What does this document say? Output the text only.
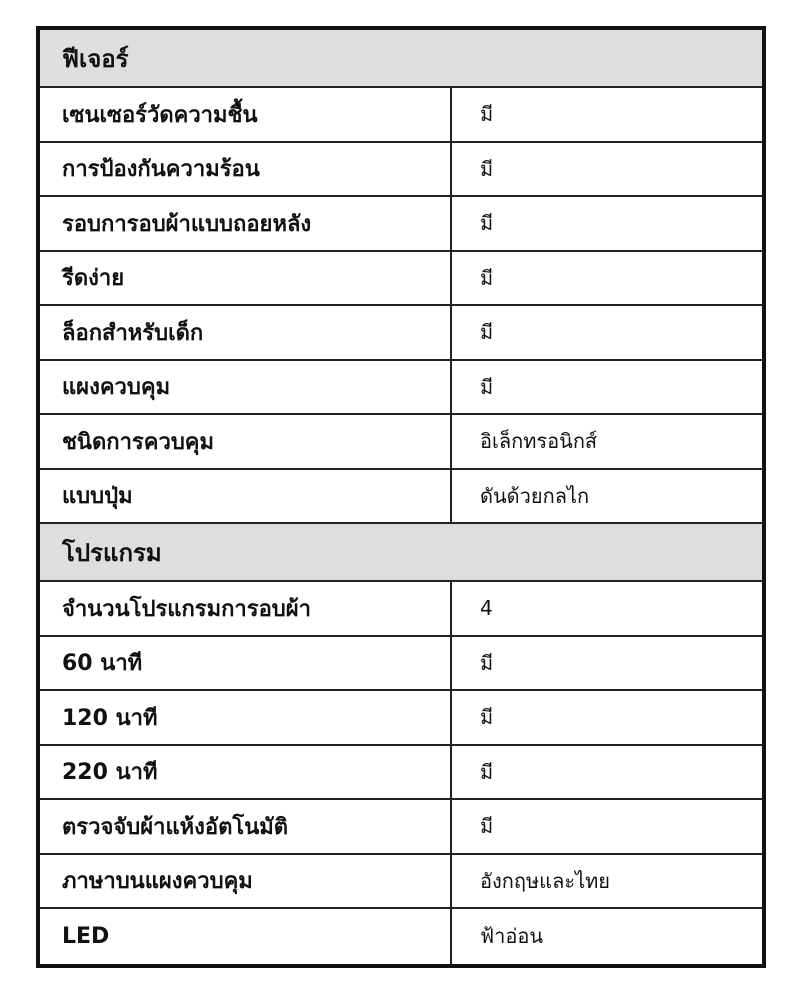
ฟีเจอร์
เซนเซอร์วัดความชื้น	มี
การป้องกันความร้อน	มี
รอบการอบผ้าแบบถอยหลัง	มี
รีดง่าย	มี
ล็อกสำหรับเด็ก	มี
แผงควบคุม	มี
ชนิดการควบคุม	อิเล็กทรอนิกส์
แบบปุ่ม	ดันด้วยกลไก
โปรแกรม
จำนวนโปรแกรมการอบผ้า	4
60 นาที	มี
120 นาที	มี
220 นาที	มี
ตรวจจับผ้าแห้งอัตโนมัติ	มี
ภาษาบนแผงควบคุม	อังกฤษและไทย
LED	ฟ้าอ่อน
